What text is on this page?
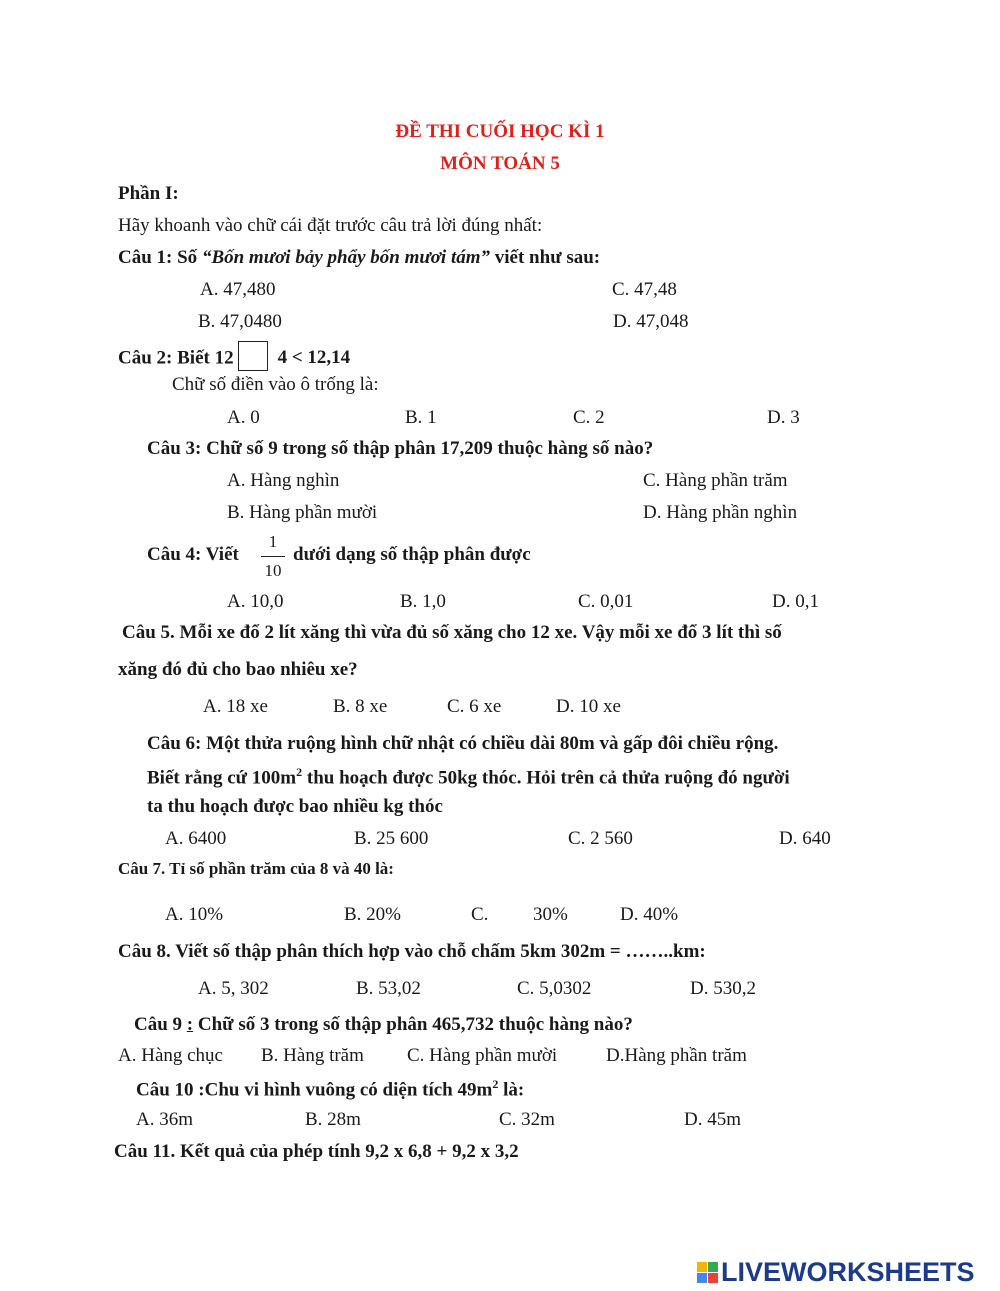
ĐỀ THI CUỐI HỌC KÌ 1
MÔN TOÁN 5
Phần I:
Hãy khoanh vào chữ cái đặt trước câu trả lời đúng nhất:
Câu 1: Số “Bốn mươi bảy phẩy bốn mươi tám” viết như sau:
A. 47,480	C. 47,48
B. 47,0480	D. 47,048
Câu 2: Biết 12 4 < 12,14
Chữ số điền vào ô trống là:
A. 0	B. 1	C. 2	D. 3
Câu 3: Chữ số 9 trong số thập phân 17,209 thuộc hàng số nào?
A. Hàng nghìn	C. Hàng phần trăm
B. Hàng phần mười	D. Hàng phần nghìn
Câu 4: Viết $\frac{1}{10}$ dưới dạng số thập phân được
A. 10,0	B. 1,0	C. 0,01	D. 0,1
Câu 5. Mỗi xe đổ 2 lít xăng thì vừa đủ số xăng cho 12 xe. Vậy mỗi xe đổ 3 lít thì số
xăng đó đủ cho bao nhiêu xe?
A. 18 xe	B. 8 xe	C. 6 xe	D. 10 xe
Câu 6: Một thửa ruộng hình chữ nhật có chiều dài 80m và gấp đôi chiều rộng.
Biết rằng cứ $100m^2$ thu hoạch được 50kg thóc. Hỏi trên cả thửa ruộng đó người
ta thu hoạch được bao nhiều kg thóc
A. 6400	B. 25 600	C. 2 560	D. 640
Câu 7. Tỉ số phần trăm của 8 và 40 là:
A. 10%	B. 20%	C. 30%	D. 40%
Câu 8. Viết số thập phân thích hợp vào chỗ chấm 5km 302m = ……..km:
A. 5, 302	B. 53,02	C. 5,0302	D. 530,2
Câu 9 : Chữ số 3 trong số thập phân 465,732 thuộc hàng nào?
A. Hàng chục B. Hàng trăm C. Hàng phần mười	D.Hàng phần trăm
Câu 10 :Chu vi hình vuông có diện tích $49m^2$ là:
A. 36m	B. 28m	C. 32m	D. 45m
Câu 11. Kết quả của phép tính 9,2 x 6,8 + 9,2 x 3,2
LIVEWORKSHEETS
